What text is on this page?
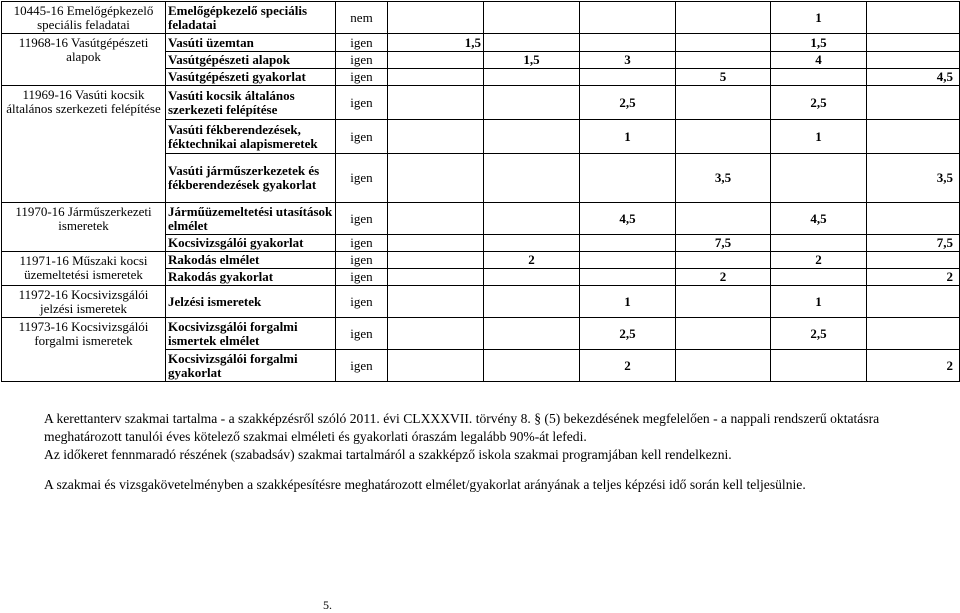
10445-16 Emelőgépkezelő speciális feladatai	Emelőgépkezelő speciális feladatai	nem					1	
11968-16 Vasútgépészeti alapok	Vasúti üzemtan	igen	1,5				1,5	
	Vasútgépészeti alapok	igen		1,5	3		4	
	Vasútgépészeti gyakorlat	igen				5		4,5
11969-16 Vasúti kocsik általános szerkezeti felépítése	Vasúti kocsik általános szerkezeti felépítése	igen			2,5		2,5	
	Vasúti fékberendezések, féktechnikai alapismeretek	igen			1		1	
	Vasúti járműszerkezetek és fékberendezések gyakorlat	igen				3,5		3,5
11970-16 Járműszerkezeti ismeretek	Járműüzemeltetési utasítások elmélet	igen			4,5		4,5	
	Kocsivizsgálói gyakorlat	igen				7,5		7,5
11971-16 Műszaki kocsi üzemeltetési ismeretek	Rakodás elmélet	igen		2			2	
	Rakodás gyakorlat	igen				2		2
11972-16 Kocsivizsgálói jelzési ismeretek	Jelzési ismeretek	igen			1		1	
11973-16 Kocsivizsgálói forgalmi ismeretek	Kocsivizsgálói forgalmi ismertek elmélet	igen			2,5		2,5	
	Kocsivizsgálói forgalmi gyakorlat	igen			2			2

A kerettanterv szakmai tartalma - a szakképzésről szóló 2011. évi CLXXXVII. törvény 8. § (5) bekezdésének megfelelően - a nappali rendszerű oktatásra meghatározott tanulói éves kötelező szakmai elméleti és gyakorlati óraszám legalább 90%-át lefedi.

Az időkeret fennmaradó részének (szabadsáv) szakmai tartalmáról a szakképző iskola szakmai programjában kell rendelkezni.

A szakmai és vizsgakövetelményben a szakképesítésre meghatározott elmélet/gyakorlat arányának a teljes képzési idő során kell teljesülnie.

5.
